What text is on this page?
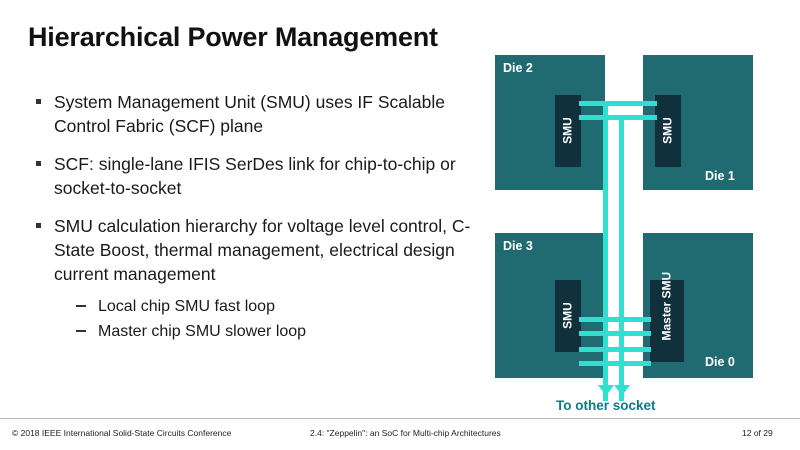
Hierarchical Power Management
System Management Unit (SMU) uses IF Scalable Control Fabric (SCF) plane
SCF: single-lane IFIS SerDes link for chip-to-chip or socket-to-socket
SMU calculation hierarchy for voltage level control, C-State Boost, thermal management, electrical design current management
Local chip SMU fast loop
Master chip SMU slower loop
Die 2
SMU
Die 1
SMU
Die 3
SMU
Die 0
Master SMU
To other socket
© 2018 IEEE International Solid-State Circuits Conference	2.4: "Zeppelin": an SoC for Multi-chip Architectures	12 of 29
